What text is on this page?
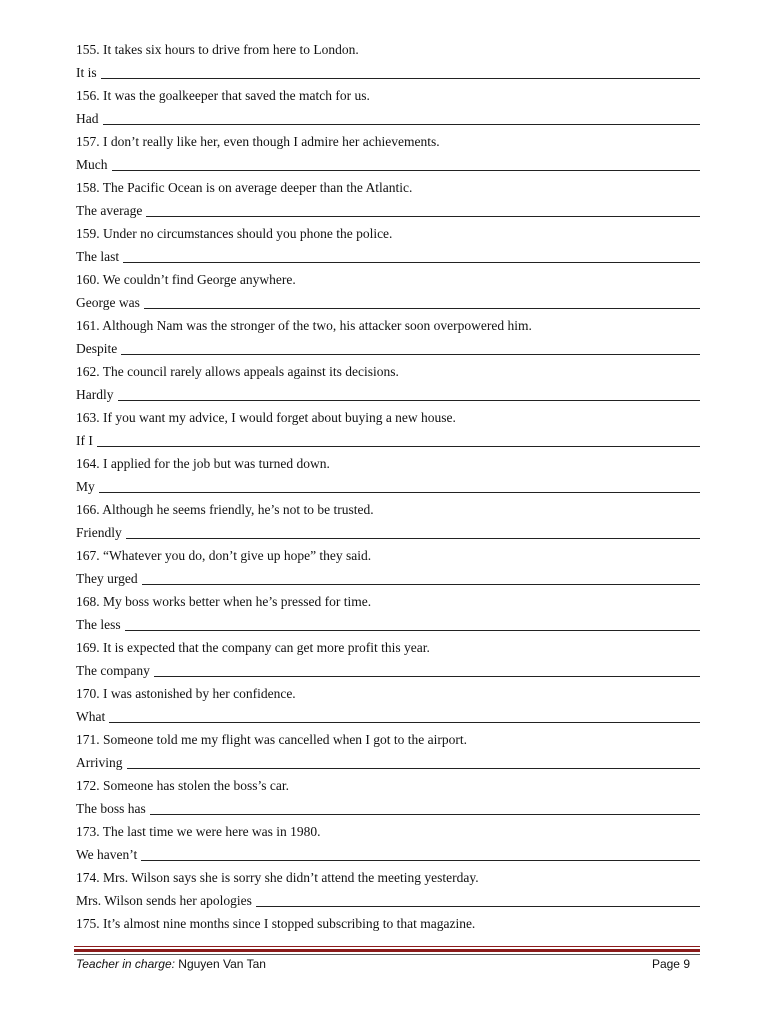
155. It takes six hours to drive from here to London.
It is
156. It was the goalkeeper that saved the match for us.
Had
157. I don’t really like her, even though I admire her achievements.
Much
158. The Pacific Ocean is on average deeper than the Atlantic.
The average
159. Under no circumstances should you phone the police.
The last
160. We couldn’t find George anywhere.
George was
161. Although Nam was the stronger of the two, his attacker soon overpowered him.
Despite
162. The council rarely allows appeals against its decisions.
Hardly
163. If you want my advice, I would forget about buying a new house.
If I
164. I applied for the job but was turned down.
My
166. Although he seems friendly, he’s not to be trusted.
Friendly
167. “Whatever you do, don’t give up hope” they said.
They urged
168. My boss works better when he’s pressed for time.
The less
169. It is expected that the company can get more profit this year.
The company
170. I was astonished by her confidence.
What
171. Someone told me my flight was cancelled when I got to the airport.
Arriving
172. Someone has stolen the boss’s car.
The boss has
173. The last time we were here was in 1980.
We haven’t
174. Mrs. Wilson says she is sorry she didn’t attend the meeting yesterday.
Mrs. Wilson sends her apologies
175. It’s almost nine months since I stopped subscribing to that magazine.
Teacher in charge: Nguyen Van Tan	Page 9
